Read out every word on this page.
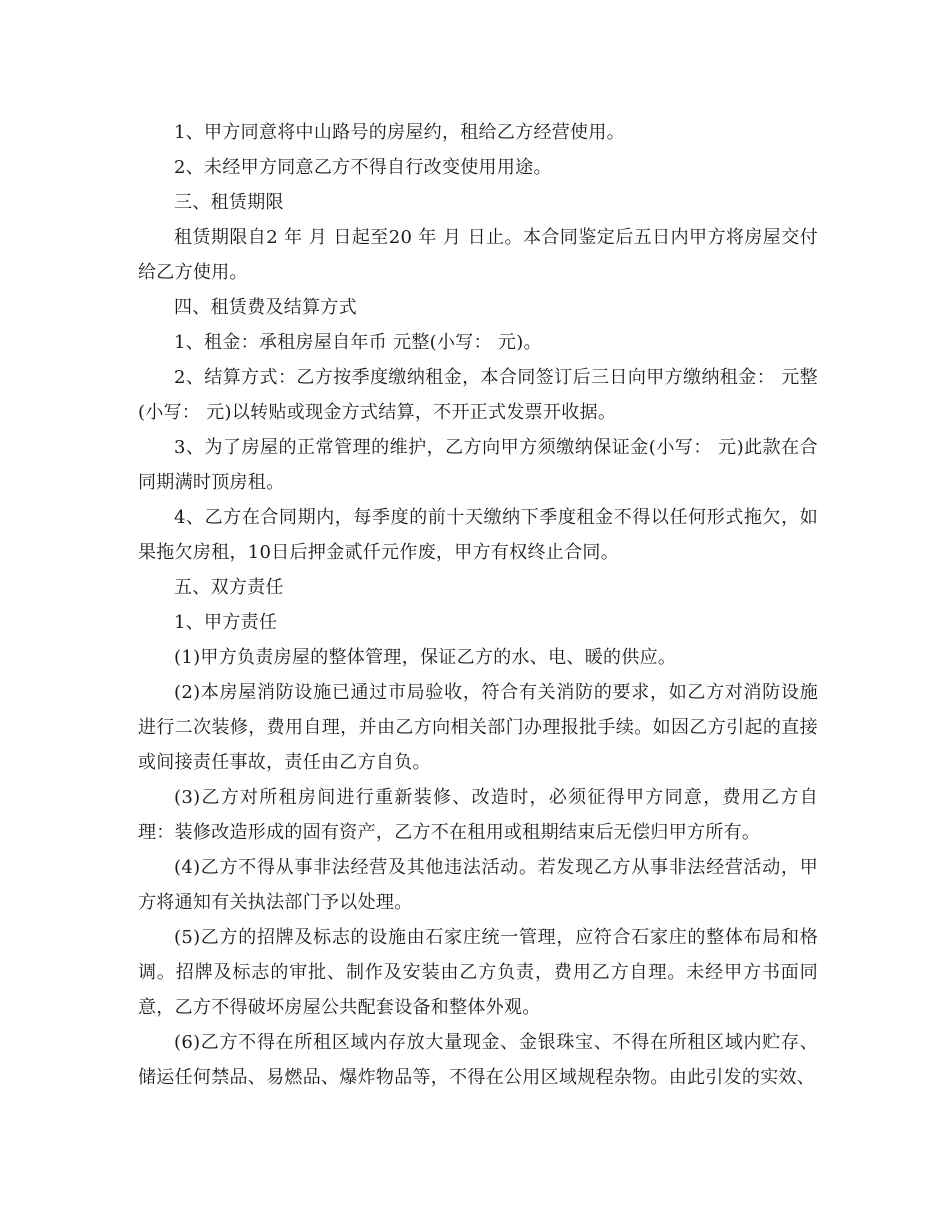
1、甲方同意将中山路号的房屋约，租给乙方经营使用。

2、未经甲方同意乙方不得自行改变使用用途。

三、租赁期限

租赁期限自2 年 月 日起至20 年 月 日止。本合同鉴定后五日内甲方将房屋交付给乙方使用。

四、租赁费及结算方式

1、租金：承租房屋自年币 元整(小写： 元)。

2、结算方式：乙方按季度缴纳租金，本合同签订后三日向甲方缴纳租金： 元整(小写： 元)以转贴或现金方式结算，不开正式发票开收据。

3、为了房屋的正常管理的维护，乙方向甲方须缴纳保证金(小写： 元)此款在合同期满时顶房租。

4、乙方在合同期内，每季度的前十天缴纳下季度租金不得以任何形式拖欠，如果拖欠房租，10日后押金贰仟元作废，甲方有权终止合同。

五、双方责任

1、甲方责任

(1)甲方负责房屋的整体管理，保证乙方的水、电、暖的供应。

(2)本房屋消防设施已通过市局验收，符合有关消防的要求，如乙方对消防设施进行二次装修，费用自理，并由乙方向相关部门办理报批手续。如因乙方引起的直接或间接责任事故，责任由乙方自负。

(3)乙方对所租房间进行重新装修、改造时，必须征得甲方同意，费用乙方自理：装修改造形成的固有资产，乙方不在租用或租期结束后无偿归甲方所有。

(4)乙方不得从事非法经营及其他违法活动。若发现乙方从事非法经营活动，甲方将通知有关执法部门予以处理。

(5)乙方的招牌及标志的设施由石家庄统一管理，应符合石家庄的整体布局和格调。招牌及标志的审批、制作及安装由乙方负责，费用乙方自理。未经甲方书面同意，乙方不得破坏房屋公共配套设备和整体外观。

(6)乙方不得在所租区域内存放大量现金、金银珠宝、不得在所租区域内贮存、储运任何禁品、易燃品、爆炸物品等，不得在公用区域规程杂物。由此引发的实效、
